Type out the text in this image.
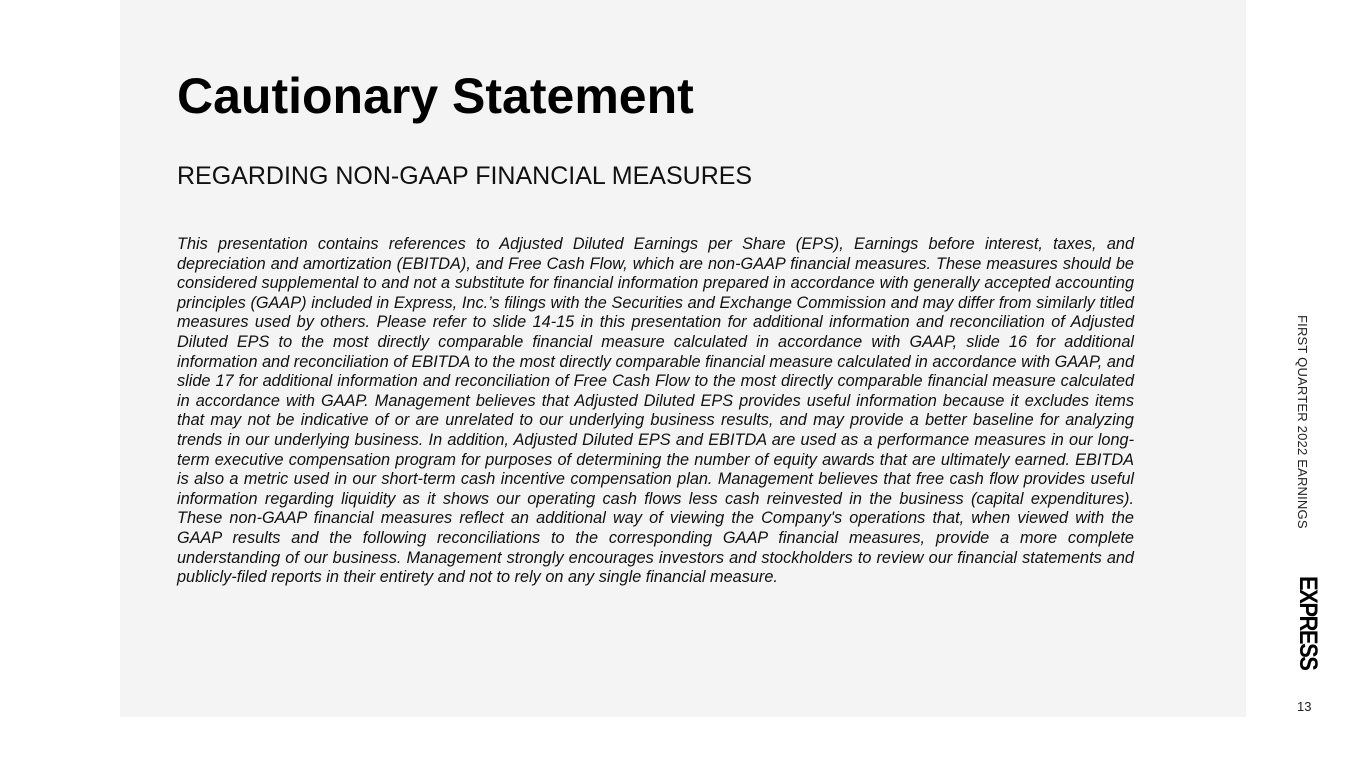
Cautionary Statement
REGARDING NON-GAAP FINANCIAL MEASURES

This presentation contains references to Adjusted Diluted Earnings per Share (EPS), Earnings before interest, taxes, and depreciation and amortization (EBITDA), and Free Cash Flow, which are non-GAAP financial measures. These measures should be considered supplemental to and not a substitute for financial information prepared in accordance with generally accepted accounting principles (GAAP) included in Express, Inc.’s filings with the Securities and Exchange Commission and may differ from similarly titled measures used by others. Please refer to slide 14-15 in this presentation for additional information and reconciliation of Adjusted Diluted EPS to the most directly comparable financial measure calculated in accordance with GAAP, slide 16 for additional information and reconciliation of EBITDA to the most directly comparable financial measure calculated in accordance with GAAP, and slide 17 for additional information and reconciliation of Free Cash Flow to the most directly comparable financial measure calculated in accordance with GAAP. Management believes that Adjusted Diluted EPS provides useful information because it excludes items that may not be indicative of or are unrelated to our underlying business results, and may provide a better baseline for analyzing trends in our underlying business. In addition, Adjusted Diluted EPS and EBITDA are used as a performance measures in our long-term executive compensation program for purposes of determining the number of equity awards that are ultimately earned. EBITDA is also a metric used in our short-term cash incentive compensation plan. Management believes that free cash flow provides useful information regarding liquidity as it shows our operating cash flows less cash reinvested in the business (capital expenditures). These non-GAAP financial measures reflect an additional way of viewing the Company's operations that, when viewed with the GAAP results and the following reconciliations to the corresponding GAAP financial measures, provide a more complete understanding of our business. Management strongly encourages investors and stockholders to review our financial statements and publicly-filed reports in their entirety and not to rely on any single financial measure.

FIRST QUARTER 2022 EARNINGS
EXPRESS
13
